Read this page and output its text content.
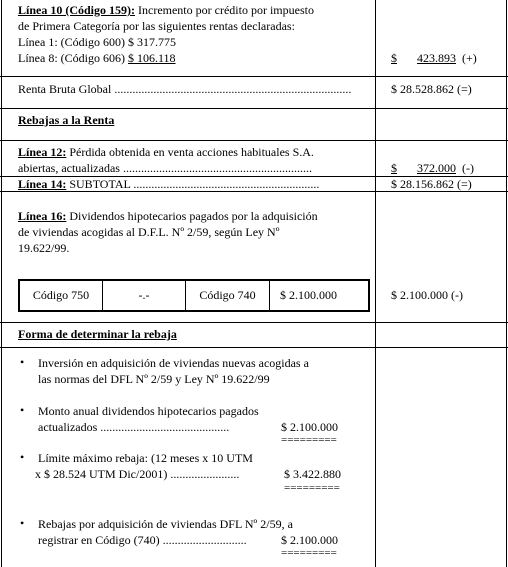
Línea 10 (Código 159): Incremento por crédito por impuesto
de Primera Categoría por las siguientes rentas declaradas:
Línea 1: (Código 600) $ 317.775
Línea 8: (Código 606) $ 106.118	$ 423.893 (+)
Renta Bruta Global ...............................................................................	$ 28.528.862 (=)
Rebajas a la Renta
Línea 12: Pérdida obtenida en venta acciones habituales S.A.
abiertas, actualizadas ...............................................................	$ 372.000 (-)
Línea 14: SUBTOTAL ..............................................................	$ 28.156.862 (=)
Línea 16: Dividendos hipotecarios pagados por la adquisición
de viviendas acogidas al D.F.L. Nº 2/59, según Ley Nº
19.622/99.
Código 750	-.-	Código 740	$ 2.100.000	$ 2.100.000 (-)
Forma de determinar la rebaja
• Inversión en adquisición de viviendas nuevas acogidas a
las normas del DFL Nº 2/59 y Ley Nº 19.622/99
• Monto anual dividendos hipotecarios pagados
actualizados ...........................................	$ 2.100.000
=========
• Límite máximo rebaja: (12 meses x 10 UTM
x $ 28.524 UTM Dic/2001) .......................	$ 3.422.880
=========
• Rebajas por adquisición de viviendas DFL Nº 2/59, a
registrar en Código (740) ............................	$ 2.100.000
=========
